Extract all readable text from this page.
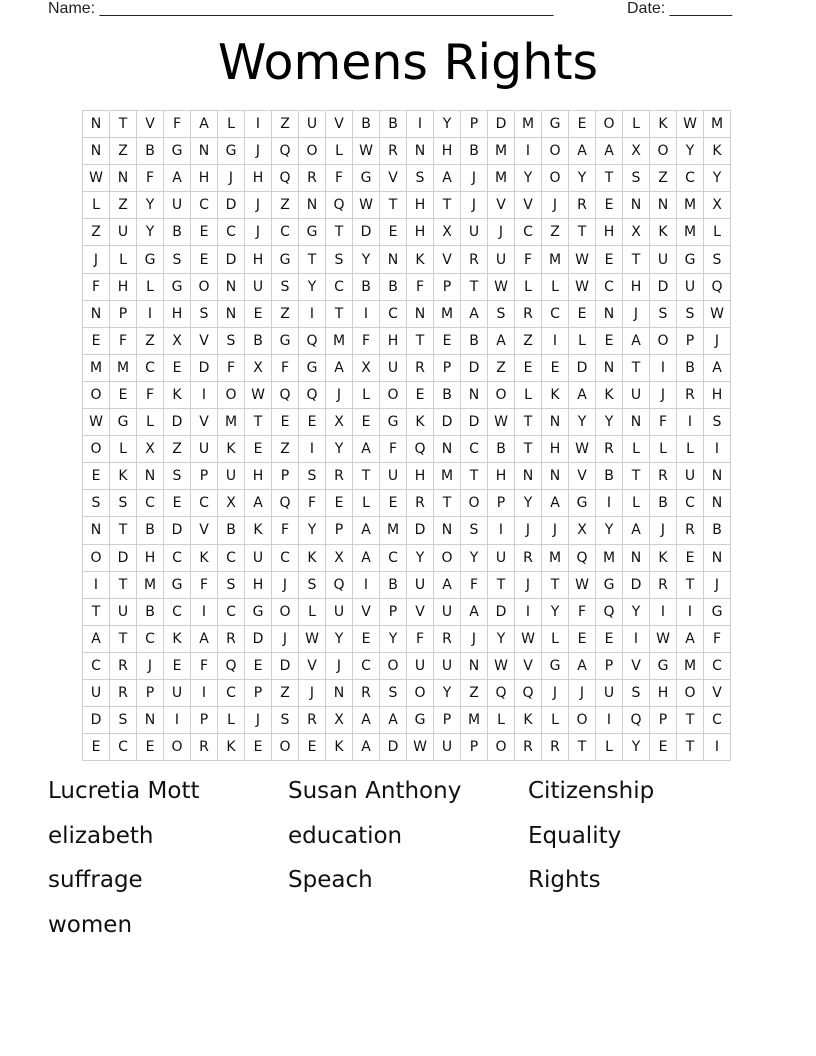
Name: ___________________________________________________	Date: _______
Womens Rights
N	T	V	F	A	L	I	Z	U	V	B	B	I	Y	P	D	M	G	E	O	L	K	W	M
N	Z	B	G	N	G	J	Q	O	L	W	R	N	H	B	M	I	O	A	A	X	O	Y	K
W	N	F	A	H	J	H	Q	R	F	G	V	S	A	J	M	Y	O	Y	T	S	Z	C	Y
L	Z	Y	U	C	D	J	Z	N	Q	W	T	H	T	J	V	V	J	R	E	N	N	M	X
Z	U	Y	B	E	C	J	C	G	T	D	E	H	X	U	J	C	Z	T	H	X	K	M	L
J	L	G	S	E	D	H	G	T	S	Y	N	K	V	R	U	F	M	W	E	T	U	G	S
F	H	L	G	O	N	U	S	Y	C	B	B	F	P	T	W	L	L	W	C	H	D	U	Q
N	P	I	H	S	N	E	Z	I	T	I	C	N	M	A	S	R	C	E	N	J	S	S	W
E	F	Z	X	V	S	B	G	Q	M	F	H	T	E	B	A	Z	I	L	E	A	O	P	J
M	M	C	E	D	F	X	F	G	A	X	U	R	P	D	Z	E	E	D	N	T	I	B	A
O	E	F	K	I	O	W	Q	Q	J	L	O	E	B	N	O	L	K	A	K	U	J	R	H
W	G	L	D	V	M	T	E	E	X	E	G	K	D	D	W	T	N	Y	Y	N	F	I	S
O	L	X	Z	U	K	E	Z	I	Y	A	F	Q	N	C	B	T	H	W	R	L	L	L	I
E	K	N	S	P	U	H	P	S	R	T	U	H	M	T	H	N	N	V	B	T	R	U	N
S	S	C	E	C	X	A	Q	F	E	L	E	R	T	O	P	Y	A	G	I	L	B	C	N
N	T	B	D	V	B	K	F	Y	P	A	M	D	N	S	I	J	J	X	Y	A	J	R	B
O	D	H	C	K	C	U	C	K	X	A	C	Y	O	Y	U	R	M	Q	M	N	K	E	N
I	T	M	G	F	S	H	J	S	Q	I	B	U	A	F	T	J	T	W	G	D	R	T	J
T	U	B	C	I	C	G	O	L	U	V	P	V	U	A	D	I	Y	F	Q	Y	I	I	G
A	T	C	K	A	R	D	J	W	Y	E	Y	F	R	J	Y	W	L	E	E	I	W	A	F
C	R	J	E	F	Q	E	D	V	J	C	O	U	U	N	W	V	G	A	P	V	G	M	C
U	R	P	U	I	C	P	Z	J	N	R	S	O	Y	Z	Q	Q	J	J	U	S	H	O	V
D	S	N	I	P	L	J	S	R	X	A	A	G	P	M	L	K	L	O	I	Q	P	T	C
E	C	E	O	R	K	E	O	E	K	A	D	W	U	P	O	R	R	T	L	Y	E	T	I
Lucretia Mott	Susan Anthony	Citizenship
elizabeth	education	Equality
suffrage	Speach	Rights
women
